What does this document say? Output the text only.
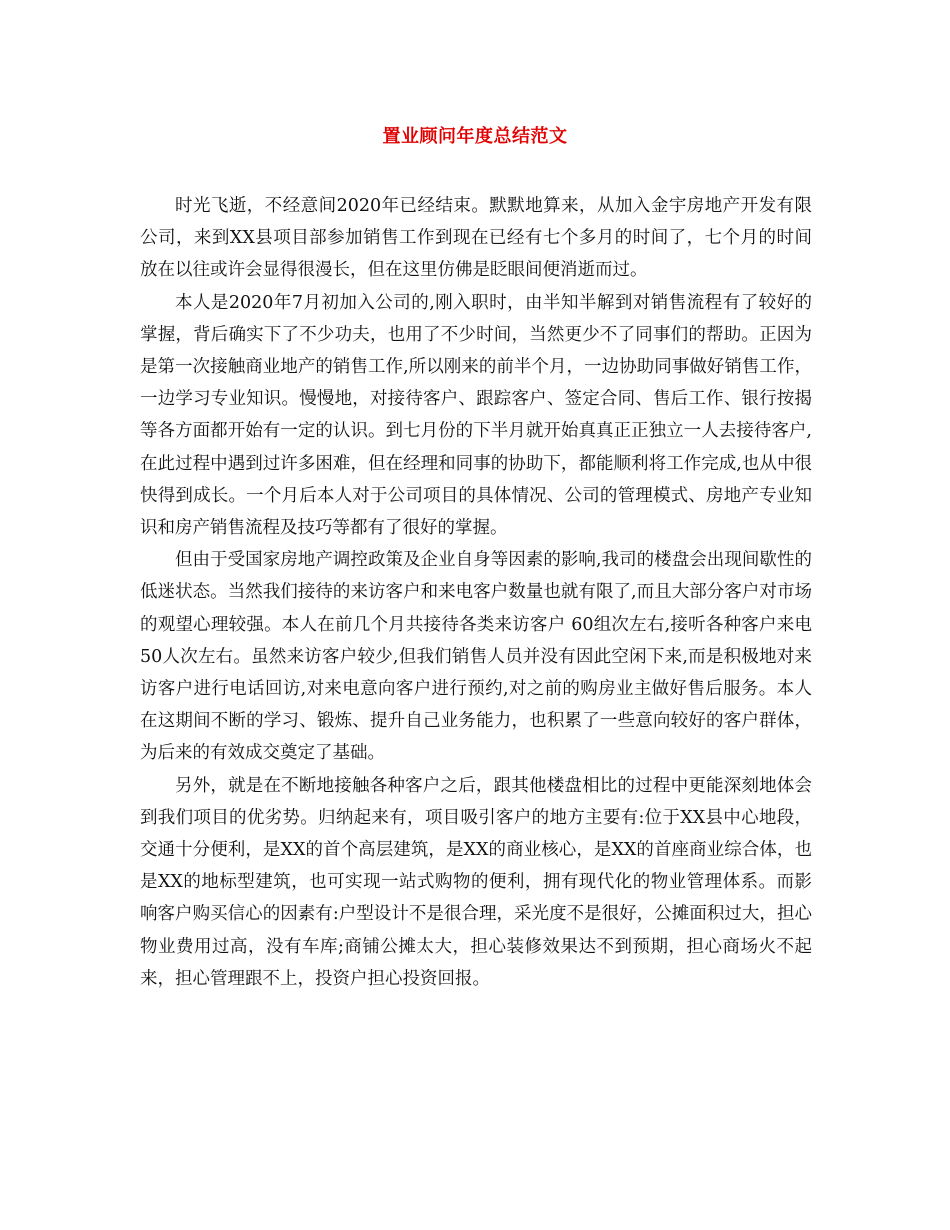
置业顾问年度总结范文

时光飞逝，不经意间2020年已经结束。默默地算来，从加入金宇房地产开发有限公司，来到XX县项目部参加销售工作到现在已经有七个多月的时间了，七个月的时间放在以往或许会显得很漫长，但在这里仿佛是眨眼间便消逝而过。

本人是2020年7月初加入公司的,刚入职时，由半知半解到对销售流程有了较好的掌握，背后确实下了不少功夫，也用了不少时间，当然更少不了同事们的帮助。正因为是第一次接触商业地产的销售工作,所以刚来的前半个月，一边协助同事做好销售工作，一边学习专业知识。慢慢地，对接待客户、跟踪客户、签定合同、售后工作、银行按揭等各方面都开始有一定的认识。到七月份的下半月就开始真真正正独立一人去接待客户,在此过程中遇到过许多困难，但在经理和同事的协助下，都能顺利将工作完成,也从中很快得到成长。一个月后本人对于公司项目的具体情况、公司的管理模式、房地产专业知识和房产销售流程及技巧等都有了很好的掌握。

但由于受国家房地产调控政策及企业自身等因素的影响,我司的楼盘会出现间歇性的低迷状态。当然我们接待的来访客户和来电客户数量也就有限了,而且大部分客户对市场的观望心理较强。本人在前几个月共接待各类来访客户 60组次左右,接听各种客户来电50人次左右。虽然来访客户较少,但我们销售人员并没有因此空闲下来,而是积极地对来访客户进行电话回访,对来电意向客户进行预约,对之前的购房业主做好售后服务。本人在这期间不断的学习、锻炼、提升自己业务能力，也积累了一些意向较好的客户群体，为后来的有效成交奠定了基础。

另外，就是在不断地接触各种客户之后，跟其他楼盘相比的过程中更能深刻地体会到我们项目的优劣势。归纳起来有，项目吸引客户的地方主要有:位于XX县中心地段，交通十分便利，是XX的首个高层建筑，是XX的商业核心，是XX的首座商业综合体，也是XX的地标型建筑，也可实现一站式购物的便利，拥有现代化的物业管理体系。而影响客户购买信心的因素有:户型设计不是很合理，采光度不是很好，公摊面积过大，担心物业费用过高，没有车库;商铺公摊太大，担心装修效果达不到预期，担心商场火不起来，担心管理跟不上，投资户担心投资回报。
